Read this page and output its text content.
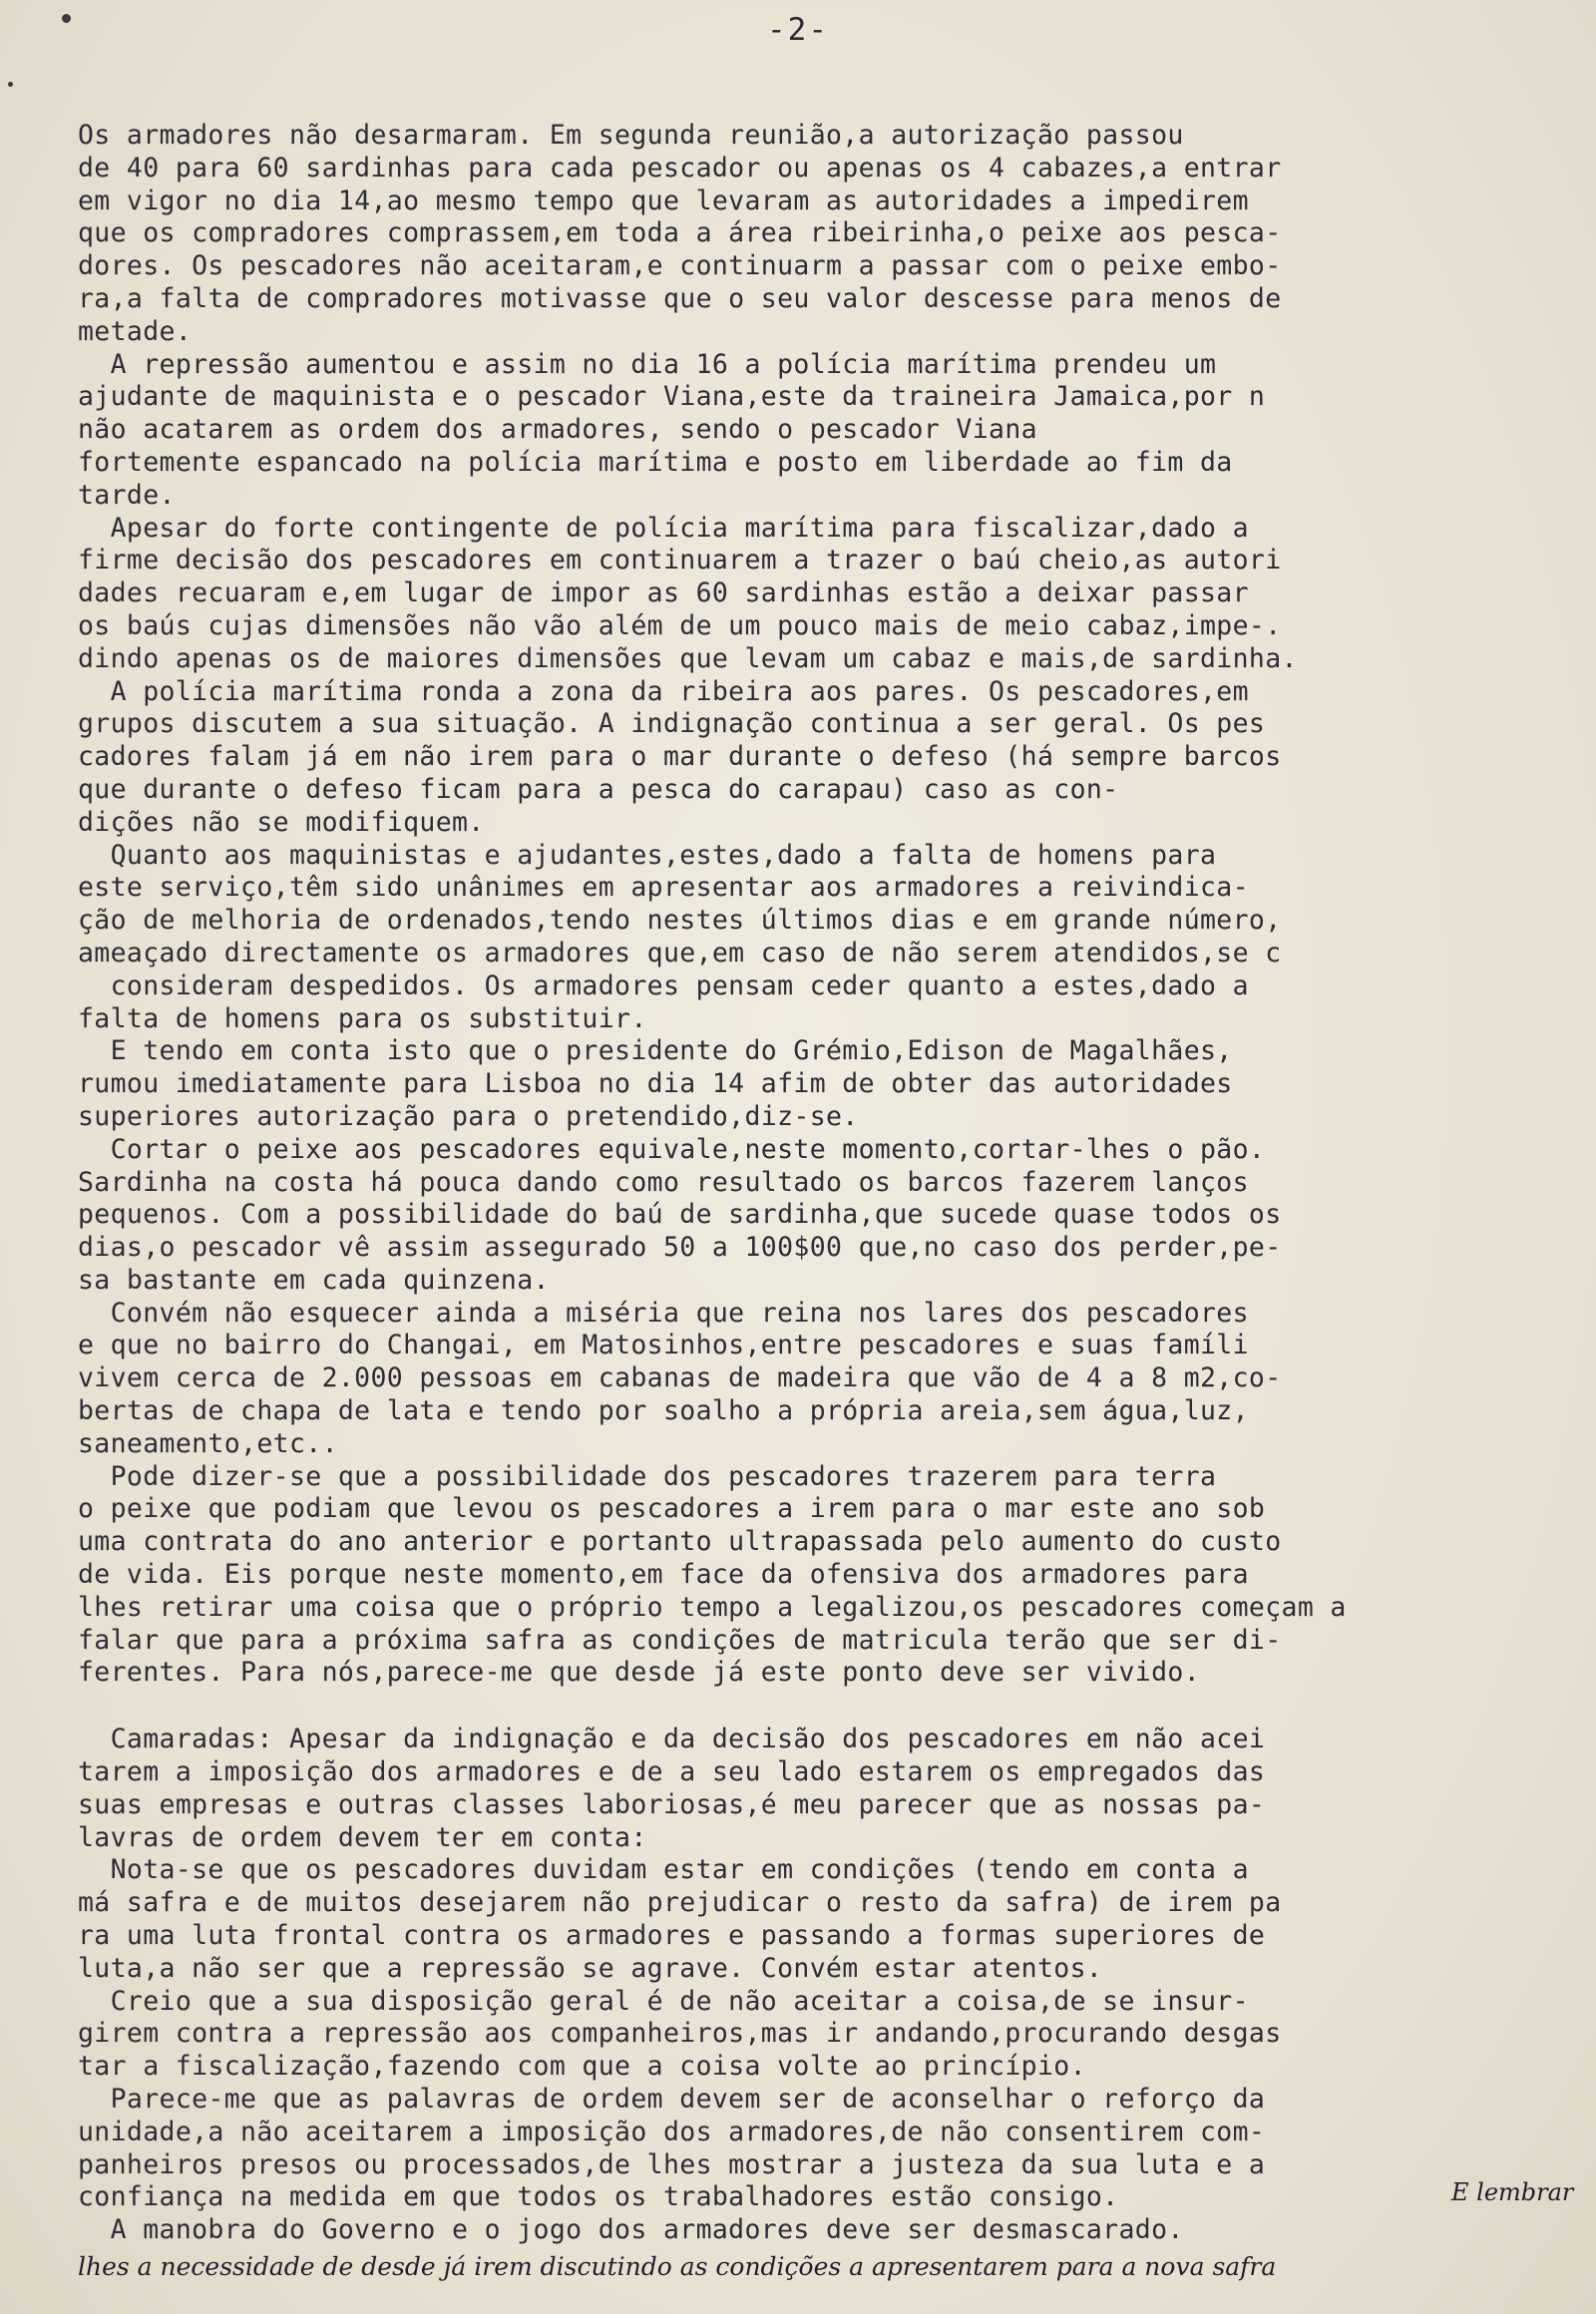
-2-
Os armadores não desarmaram. Em segunda reunião,a autorização passou
de 40 para 60 sardinhas para cada pescador ou apenas os 4 cabazes,a entrar
em vigor no dia 14,ao mesmo tempo que levaram as autoridades a impedirem
que os compradores comprassem,em toda a área ribeirinha,o peixe aos pesca-
dores. Os pescadores não aceitaram,e continuarm a passar com o peixe embo-
ra,a falta de compradores motivasse que o seu valor descesse para menos de
metade.
A repressão aumentou e assim no dia 16 a polícia marítima prendeu um
ajudante de maquinista e o pescador Viana,este da traineira Jamaica,por n
não acatarem as ordem dos armadores, sendo o pescador Viana
fortemente espancado na polícia marítima e posto em liberdade ao fim da
tarde.
Apesar do forte contingente de polícia marítima para fiscalizar,dado a
firme decisão dos pescadores em continuarem a trazer o baú cheio,as autori
dades recuaram e,em lugar de impor as 60 sardinhas estão a deixar passar
os baús cujas dimensões não vão além de um pouco mais de meio cabaz,impe-.
dindo apenas os de maiores dimensões que levam um cabaz e mais,de sardinha.
A polícia marítima ronda a zona da ribeira aos pares. Os pescadores,em
grupos discutem a sua situação. A indignação continua a ser geral. Os pes
cadores falam já em não irem para o mar durante o defeso (há sempre barcos
que durante o defeso ficam para a pesca do carapau) caso as con-
dições não se modifiquem.
Quanto aos maquinistas e ajudantes,estes,dado a falta de homens para
este serviço,têm sido unânimes em apresentar aos armadores a reivindica-
ção de melhoria de ordenados,tendo nestes últimos dias e em grande número,
ameaçado directamente os armadores que,em caso de não serem atendidos,se c
consideram despedidos. Os armadores pensam ceder quanto a estes,dado a
falta de homens para os substituir.
E tendo em conta isto que o presidente do Grémio,Edison de Magalhães,
rumou imediatamente para Lisboa no dia 14 afim de obter das autoridades
superiores autorização para o pretendido,diz-se.
Cortar o peixe aos pescadores equivale,neste momento,cortar-lhes o pão.
Sardinha na costa há pouca dando como resultado os barcos fazerem lanços
pequenos. Com a possibilidade do baú de sardinha,que sucede quase todos os
dias,o pescador vê assim assegurado 50 a 100$00 que,no caso dos perder,pe-
sa bastante em cada quinzena.
Convém não esquecer ainda a miséria que reina nos lares dos pescadores
e que no bairro do Changai, em Matosinhos,entre pescadores e suas famíli
vivem cerca de 2.000 pessoas em cabanas de madeira que vão de 4 a 8 m2,co-
bertas de chapa de lata e tendo por soalho a própria areia,sem água,luz,
saneamento,etc..
Pode dizer-se que a possibilidade dos pescadores trazerem para terra
o peixe que podiam que levou os pescadores a irem para o mar este ano sob
uma contrata do ano anterior e portanto ultrapassada pelo aumento do custo
de vida. Eis porque neste momento,em face da ofensiva dos armadores para
lhes retirar uma coisa que o próprio tempo a legalizou,os pescadores começam a
falar que para a próxima safra as condições de matricula terão que ser di-
ferentes. Para nós,parece-me que desde já este ponto deve ser vivido.
Camaradas: Apesar da indignação e da decisão dos pescadores em não acei
tarem a imposição dos armadores e de a seu lado estarem os empregados das
suas empresas e outras classes laboriosas,é meu parecer que as nossas pa-
lavras de ordem devem ter em conta:
Nota-se que os pescadores duvidam estar em condições (tendo em conta a
má safra e de muitos desejarem não prejudicar o resto da safra) de irem pa
ra uma luta frontal contra os armadores e passando a formas superiores de
luta,a não ser que a repressão se agrave. Convém estar atentos.
Creio que a sua disposição geral é de não aceitar a coisa,de se insur-
girem contra a repressão aos companheiros,mas ir andando,procurando desgas
tar a fiscalização,fazendo com que a coisa volte ao princípio.
Parece-me que as palavras de ordem devem ser de aconselhar o reforço da
unidade,a não aceitarem a imposição dos armadores,de não consentirem com-
panheiros presos ou processados,de lhes mostrar a justeza da sua luta e a
confiança na medida em que todos os trabalhadores estão consigo.
A manobra do Governo e o jogo dos armadores deve ser desmascarado.
E lembrar
lhes a necessidade de desde já irem discutindo as condições a apresentarem para a nova safra
